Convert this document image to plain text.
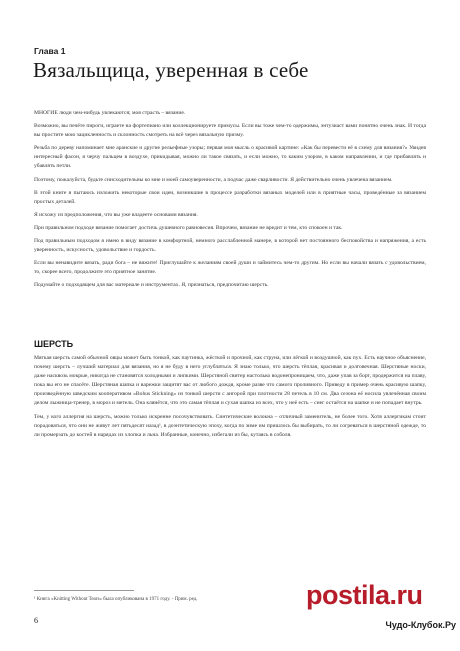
Глава 1
Вязальщица, уверенная в себе

МНОГИЕ люди чем-нибудь увлекаются; моя страсть – вязание.

Возможно, вы печёте пироги, играете на фортепиано или коллекционируете примусы. Если вы тоже чем-то одержимы, энтузиаст вами понятно очень знак. И тогда вы простите мою зацикленность и склонность смотреть на всё через вязальную призму.

Резьба по дереву напоминает мне аранские и другие рельефные узоры; первая моя мысль о красивой картине: «Как бы перевести её в схему для вязания?» Увидев интересный фасон, я черчу пальцем в воздухе, прикидывая, можно ли такое связать, и если можно, то каким узором, в каком направлении, и где прибавлять и убавлять петли.

Поэтому, пожалуйста, будьте снисходительны ко мне и моей самоуверенности, а подчас даже сварливости. Я действительно очень увлечена вязанием.

В этой книге я пытаюсь изложить некоторые свои идеи, возникшие в процессе разработки вязаных моделей или в приятные часы, проведённые за вязанием простых деталей.

Я исхожу из предположения, что вы уже владеете основами вязания.

При правильном подходе вязание помогает достичь душевного равновесия. Впрочем, вязание не вредит и тем, кто спокоен и так.

Под правильным подходом я имею в виду вязание в комфортной, немного расслабленной манере, в которой нет постоянного беспокойства и напряжения, а есть уверенность, искусность, удовольствие и гордость.

Если вы ненавидите вязать, ради бога – не вяжите! Приглушайте к желаниям своей души и займитесь чем-то другим. Но если вы начали вязать с удовольствием, то, скорее всего, продолжите это приятное занятие.

Подумайте о подходящем для вас материале и инструментах. Я, признаться, предпочитаю шерсть.

ШЕРСТЬ

Мягкая шерсть самой обычной овцы может быть тонкой, как паутинка, жёсткой и прочной, как струна, или лёгкой и воздушной, как пух. Есть научное объяснение, почему шерсть – лучший материал для вязания, но я не буду в него углубляться. Я знаю только, что шерсть тёплая, красивая и долговечная. Шерстяные носки, даже насквозь мокрые, никогда не становятся холодными и липкими. Шерстяной свитер настолько водонепроницаем, что, даже упав за борт, продержится на плаву, пока вы его не спасёте. Шерстяная шапка и варежки защитят вас от любого дождя, кроме разве что самого проливного. Приведу в пример очень красивую шапку, произведённую шведским кооперативом «Bohus Stickning» из тонкой шерсти с ангорой при плотности 28 петель в 10 см. Два сезона её носила увлечённая своим делом лыжница-тренер, в мороз и метель. Она клянётся, что это самая тёплая и сухая шапка из всех, что у неё есть – снег остаётся на шапке и не попадает внутрь.

Тем, у кого аллергия на шерсть, можно только искренне посочувствовать. Синтетические волокна – отличный заменитель, не более того. Хотя аллергикам стоит порадоваться, что они не живут лет пятьдесят назад¹, в доэнтетическую эпоху, когда по зиме им пришлось бы выбирать, то ли согреваться в шерстяной одежде, то ли промерзать до костей в нарядах из хлопка и льна. Избранные, конечно, избегали из бы, кутаясь в соболя.

¹ Книга «Knitting Without Tears» была опубликована в 1971 году. - Прим. ред.
6
postila.ru
Чудо-Клубок.Ру
